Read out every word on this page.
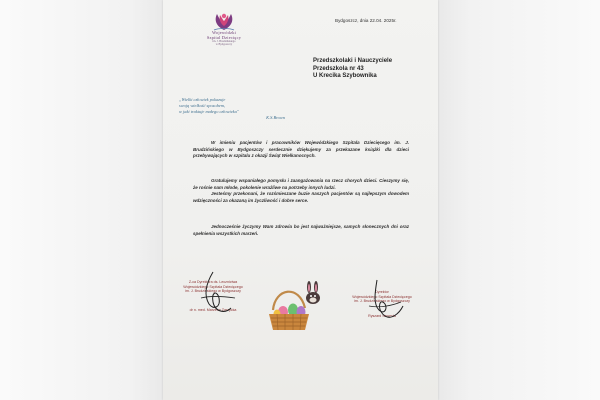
Wojewódzki
Szpital Dziecięcy
im. J. Brudzińskiego
w Bydgoszczy
Bydgoszcz, dnia 22.04. 2025r.
Przedszkolaki i Nauczyciele
Przedszkola nr 43
U Krecika Szybownika
„Wielki człowiek pokazuje
swoją wielkość sposobem,
w jaki traktuje małego człowieka"
K.S.Brown
W imieniu pacjentów i pracowników Wojewódzkiego Szpitala Dziecięcego im. J. Brudzińskiego w Bydgoszczy serdecznie dziękujemy za przekazane książki dla dzieci przebywających w szpitalu z okazji Świąt Wielkanocnych.
Gratulujemy wspaniałego pomysłu i zaangażowania na rzecz chorych dzieci. Cieszymy się, że rośnie nam młode, pokolenie wrażliwe na potrzeby innych ludzi.
Jesteśmy przekonani, że rozśmieszane buzie naszych pacjentów są najlepszym dowodem wdzięczności za okazaną im życzliwość i dobre serce.
Jednocześnie życzymy Wam zdrowia bo jest najważniejsze, samych słonecznych dni oraz spełnienia wszystkich marzeń.
Z-ca Dyrektora ds. Lecznictwa
Wojewódzkiego Szpitala Dziecięcego
im. J. Brudzińskiego w Bydgoszczy
dr n. med. Marzena Zarzycka
Dyrektor
Wojewódzkiego Szpitala Dziecięcego
im. J. Brudzińskiego w Bydgoszczy
Ryszard Szwesta
